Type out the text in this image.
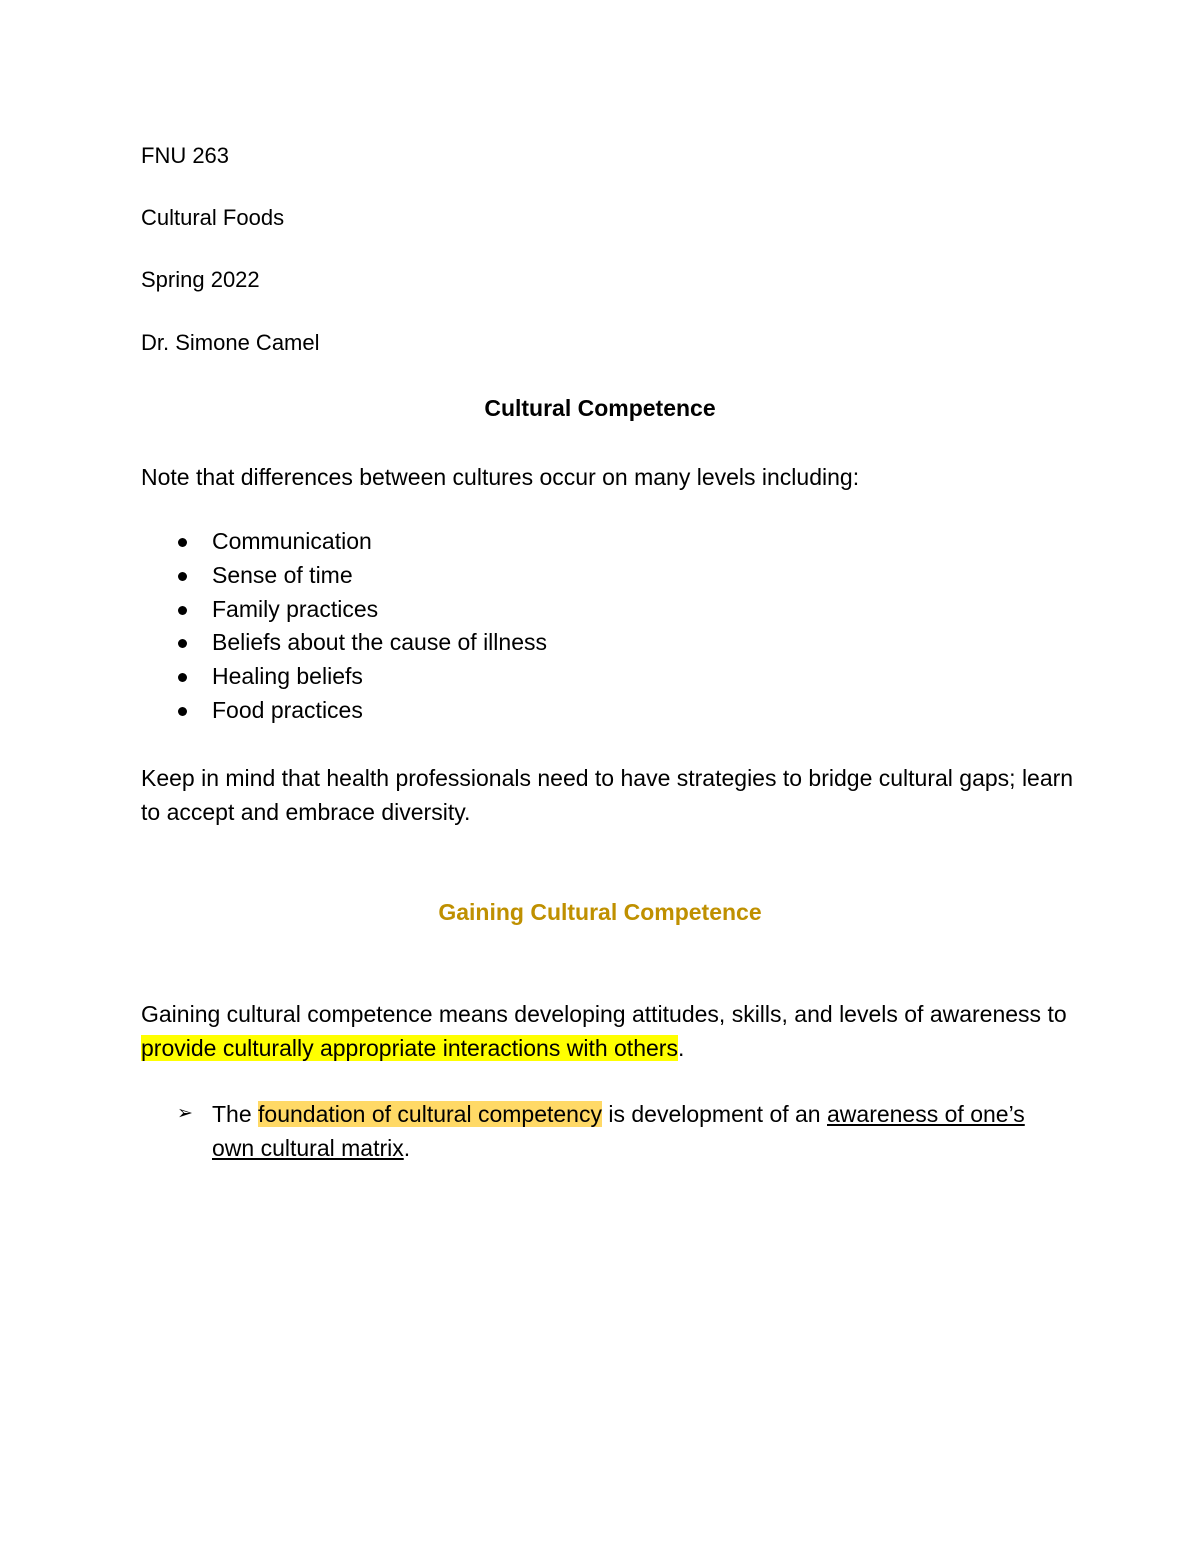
FNU 263

Cultural Foods

Spring 2022

Dr. Simone Camel

Cultural Competence

Note that differences between cultures occur on many levels including:

Communication
Sense of time
Family practices
Beliefs about the cause of illness
Healing beliefs
Food practices

Keep in mind that health professionals need to have strategies to bridge cultural gaps; learn to accept and embrace diversity.

Gaining Cultural Competence

Gaining cultural competence means developing attitudes, skills, and levels of awareness to provide culturally appropriate interactions with others.

➢ The foundation of cultural competency is development of an awareness of one’s own cultural matrix.
